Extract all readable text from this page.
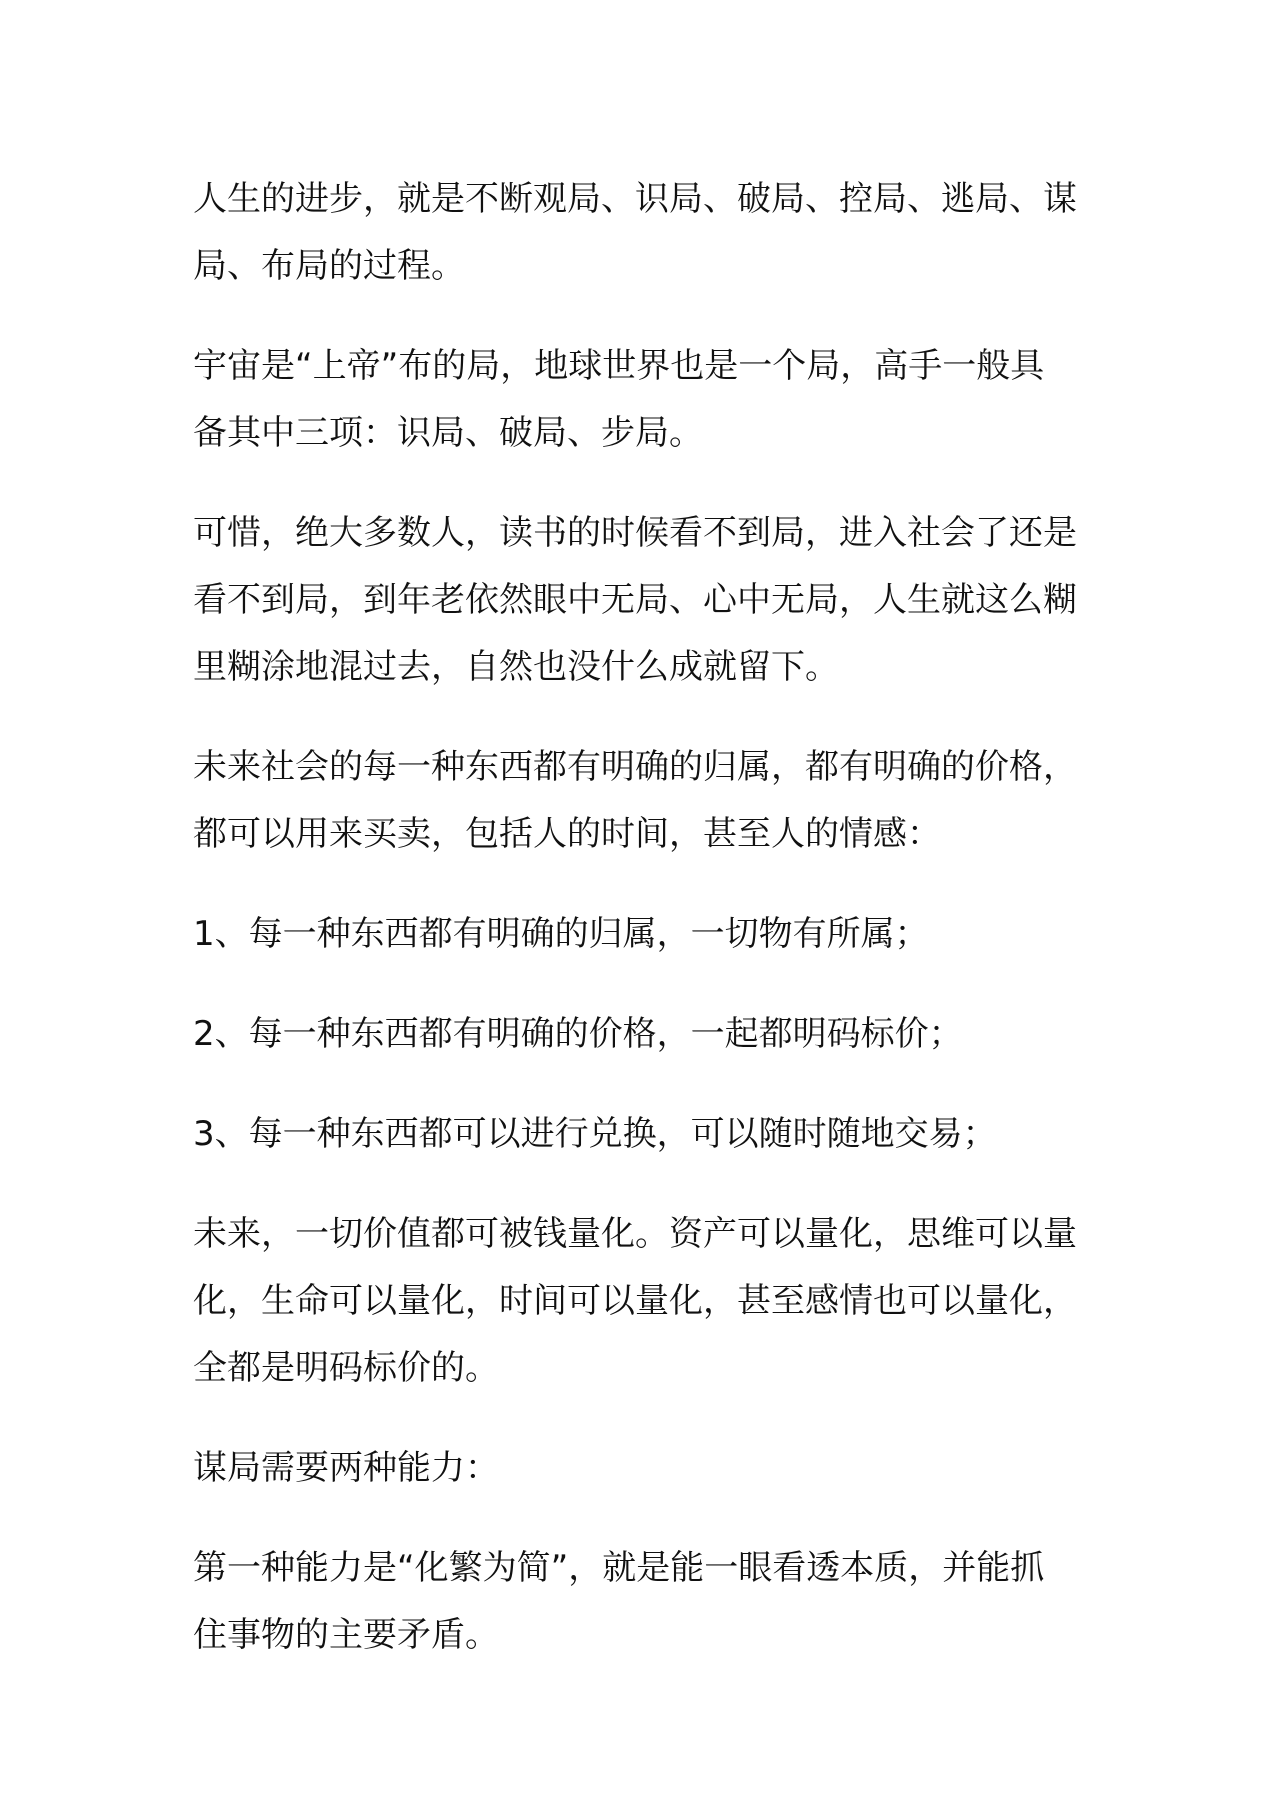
人生的进步，就是不断观局、识局、破局、控局、逃局、谋
局、布局的过程。

宇宙是“上帝”布的局，地球世界也是一个局，高手一般具
备其中三项：识局、破局、步局。

可惜，绝大多数人，读书的时候看不到局，进入社会了还是
看不到局，到年老依然眼中无局、心中无局，人生就这么糊
里糊涂地混过去，自然也没什么成就留下。

未来社会的每一种东西都有明确的归属，都有明确的价格，
都可以用来买卖，包括人的时间，甚至人的情感：

1、每一种东西都有明确的归属，一切物有所属；

2、每一种东西都有明确的价格，一起都明码标价；

3、每一种东西都可以进行兑换，可以随时随地交易；

未来，一切价值都可被钱量化。资产可以量化，思维可以量
化，生命可以量化，时间可以量化，甚至感情也可以量化，
全都是明码标价的。

谋局需要两种能力：

第一种能力是“化繁为简”，就是能一眼看透本质，并能抓
住事物的主要矛盾。
